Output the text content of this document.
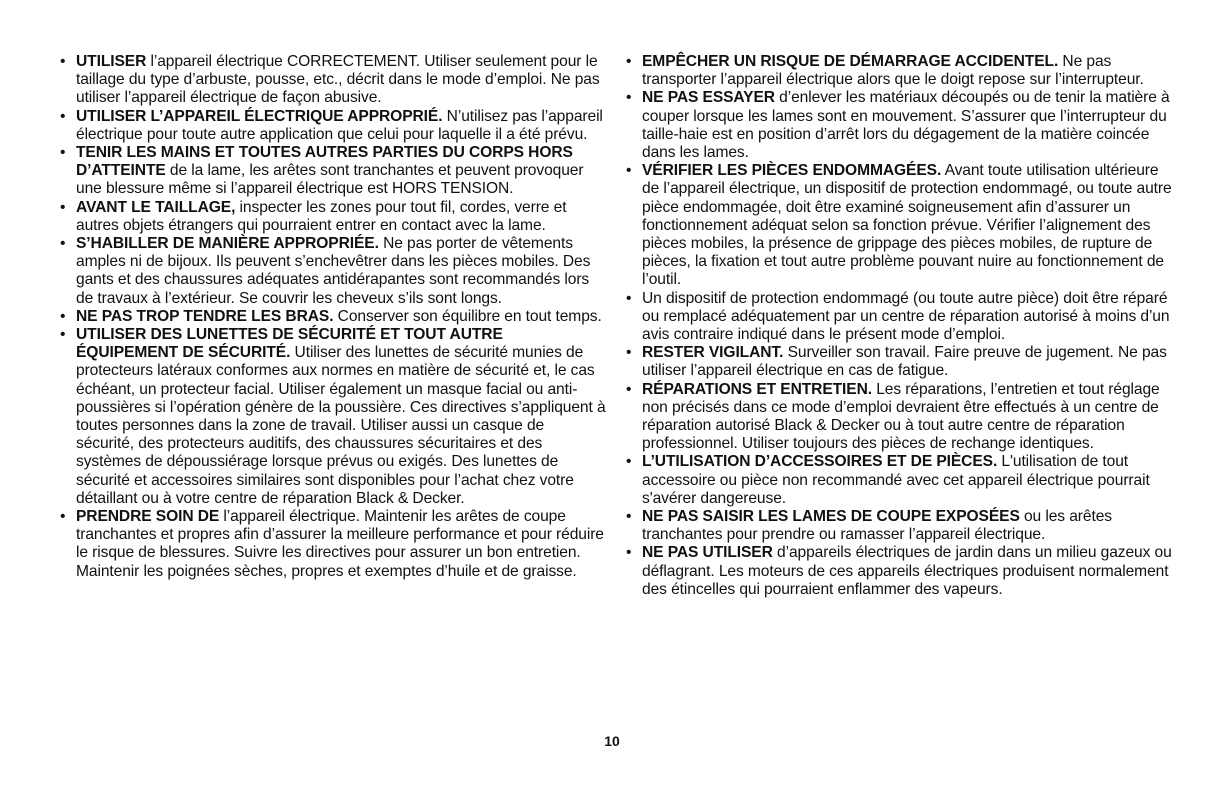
• UTILISER l’appareil électrique CORRECTEMENT. Utiliser seulement pour le taillage du type d’arbuste, pousse, etc., décrit dans le mode d’emploi. Ne pas utiliser l’appareil électrique de façon abusive.
• UTILISER L’APPAREIL ÉLECTRIQUE APPROPRIÉ. N’utilisez pas l’appareil électrique pour toute autre application que celui pour laquelle il a été prévu.
• TENIR LES MAINS ET TOUTES AUTRES PARTIES DU CORPS HORS D’ATTEINTE de la lame, les arêtes sont tranchantes et peuvent provoquer une blessure même si l’appareil électrique est HORS TENSION.
• AVANT LE TAILLAGE, inspecter les zones pour tout fil, cordes, verre et autres objets étrangers qui pourraient entrer en contact avec la lame.
• S’HABILLER DE MANIÈRE APPROPRIÉE. Ne pas porter de vêtements amples ni de bijoux. Ils peuvent s’enchevêtrer dans les pièces mobiles. Des gants et des chaussures adéquates antidérapantes sont recommandés lors de travaux à l’extérieur. Se couvrir les cheveux s’ils sont longs.
• NE PAS TROP TENDRE LES BRAS. Conserver son équilibre en tout temps.
• UTILISER DES LUNETTES DE SÉCURITÉ ET TOUT AUTRE ÉQUIPEMENT DE SÉCURITÉ. Utiliser des lunettes de sécurité munies de protecteurs latéraux conformes aux normes en matière de sécurité et, le cas échéant, un protecteur facial. Utiliser également un masque facial ou anti-poussières si l’opération génère de la poussière. Ces directives s’appliquent à toutes personnes dans la zone de travail. Utiliser aussi un casque de sécurité, des protecteurs auditifs, des chaussures sécuritaires et des systèmes de dépoussiérage lorsque prévus ou exigés. Des lunettes de sécurité et accessoires similaires sont disponibles pour l’achat chez votre détaillant ou à votre centre de réparation Black & Decker.
• PRENDRE SOIN DE l’appareil électrique. Maintenir les arêtes de coupe tranchantes et propres afin d’assurer la meilleure performance et pour réduire le risque de blessures. Suivre les directives pour assurer un bon entretien. Maintenir les poignées sèches, propres et exemptes d’huile et de graisse.
• EMPÊCHER UN RISQUE DE DÉMARRAGE ACCIDENTEL. Ne pas transporter l’appareil électrique alors que le doigt repose sur l’interrupteur.
• NE PAS ESSAYER d’enlever les matériaux découpés ou de tenir la matière à couper lorsque les lames sont en mouvement. S’assurer que l’interrupteur du taille-haie est en position d’arrêt lors du dégagement de la matière coincée dans les lames.
• VÉRIFIER LES PIÈCES ENDOMMAGÉES. Avant toute utilisation ultérieure de l’appareil électrique, un dispositif de protection endommagé, ou toute autre pièce endommagée, doit être examiné soigneusement afin d’assurer un fonctionnement adéquat selon sa fonction prévue. Vérifier l’alignement des pièces mobiles, la présence de grippage des pièces mobiles, de rupture de pièces, la fixation et tout autre problème pouvant nuire au fonctionnement de l’outil.
• Un dispositif de protection endommagé (ou toute autre pièce) doit être réparé ou remplacé adéquatement par un centre de réparation autorisé à moins d’un avis contraire indiqué dans le présent mode d’emploi.
• RESTER VIGILANT. Surveiller son travail. Faire preuve de jugement. Ne pas utiliser l’appareil électrique en cas de fatigue.
• RÉPARATIONS ET ENTRETIEN. Les réparations, l’entretien et tout réglage non précisés dans ce mode d’emploi devraient être effectués à un centre de réparation autorisé Black & Decker ou à tout autre centre de réparation professionnel. Utiliser toujours des pièces de rechange identiques.
• L’UTILISATION D’ACCESSOIRES ET DE PIÈCES. L'utilisation de tout accessoire ou pièce non recommandé avec cet appareil électrique pourrait s'avérer dangereuse.
• NE PAS SAISIR LES LAMES DE COUPE EXPOSÉES ou les arêtes tranchantes pour prendre ou ramasser l’appareil électrique.
• NE PAS UTILISER d’appareils électriques de jardin dans un milieu gazeux ou déflagrant. Les moteurs de ces appareils électriques produisent normalement des étincelles qui pourraient enflammer des vapeurs.
10
